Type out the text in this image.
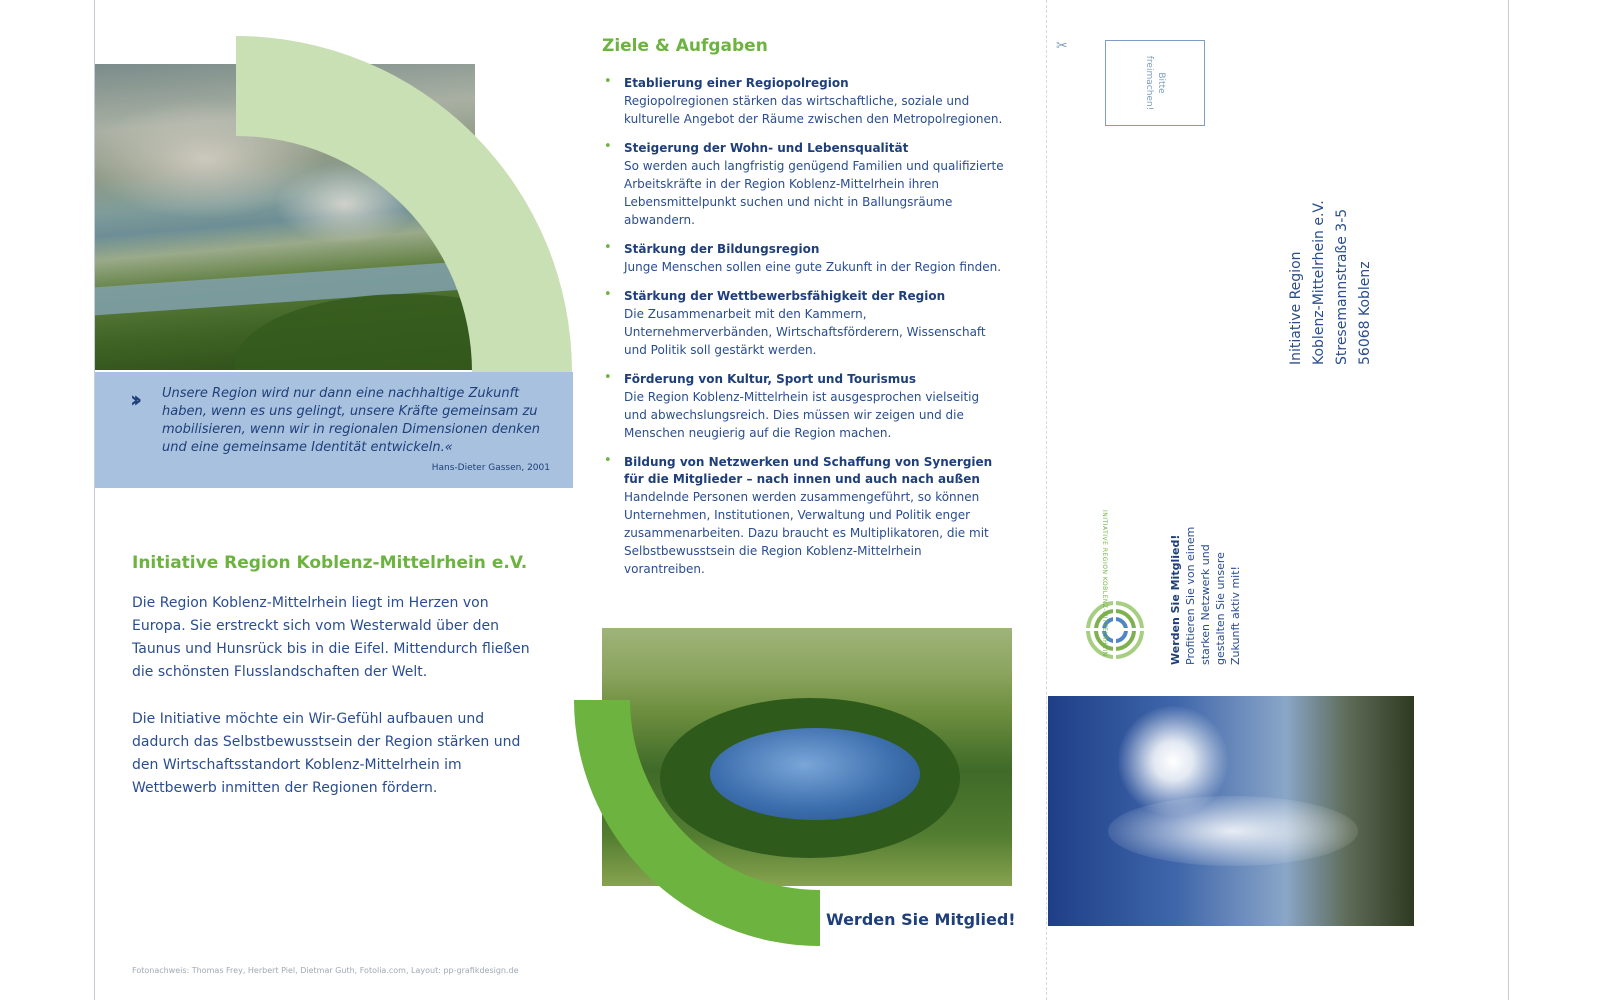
›› Unsere Region wird nur dann eine nachhaltige Zukunft haben, wenn es uns gelingt, unsere Kräfte gemeinsam zu mobilisieren, wenn wir in regionalen Dimensionen denken und eine gemeinsame Identität entwickeln.«
Hans-Dieter Gassen, 2001
Initiative Region Koblenz-Mittelrhein e.V.

Die Region Koblenz-Mittelrhein liegt im Herzen von Europa. Sie erstreckt sich vom Westerwald über den Taunus und Hunsrück bis in die Eifel. Mittendurch fließen die schönsten Flusslandschaften der Welt.

Die Initiative möchte ein Wir-Gefühl aufbauen und dadurch das Selbstbewusstsein der Region stärken und den Wirtschaftsstandort Koblenz-Mittelrhein im Wettbewerb inmitten der Regionen fördern.

Fotonachweis: Thomas Frey, Herbert Piel, Dietmar Guth, Fotolia.com, Layout: pp-grafikdesign.de
Ziele & Aufgaben
• Etablierung einer Regiopolregion
Regiopolregionen stärken das wirtschaftliche, soziale und kulturelle Angebot der Räume zwischen den Metropolregionen.
• Steigerung der Wohn- und Lebensqualität
So werden auch langfristig genügend Familien und qualifizierte Arbeitskräfte in der Region Koblenz-Mittelrhein ihren Lebensmittelpunkt suchen und nicht in Ballungsräume abwandern.
• Stärkung der Bildungsregion
Junge Menschen sollen eine gute Zukunft in der Region finden.
• Stärkung der Wettbewerbsfähigkeit der Region
Die Zusammenarbeit mit den Kammern, Unternehmerverbänden, Wirtschaftsförderern, Wissenschaft und Politik soll gestärkt werden.
• Förderung von Kultur, Sport und Tourismus
Die Region Koblenz-Mittelrhein ist ausgesprochen vielseitig und abwechslungsreich. Dies müssen wir zeigen und die Menschen neugierig auf die Region machen.
• Bildung von Netzwerken und Schaffung von Synergien für die Mitglieder – nach innen und auch nach außen
Handelnde Personen werden zusammengeführt, so können Unternehmen, Institutionen, Verwaltung und Politik enger zusammenarbeiten. Dazu braucht es Multiplikatoren, die mit Selbstbewusstsein die Region Koblenz-Mittelrhein vorantreiben.
Werden Sie Mitglied!
✂
Bitte
freimachen!
Initiative Region Koblenz-Mittelrhein e.V. Stresemannstraße 3-5 56068 Koblenz
INITIATIVE REGION KOBLENZ-MITTELRHEIN	Werden Sie Mitglied! Profitieren Sie von einem starken Netzwerk und gestalten Sie unsere Zukunft aktiv mit!
